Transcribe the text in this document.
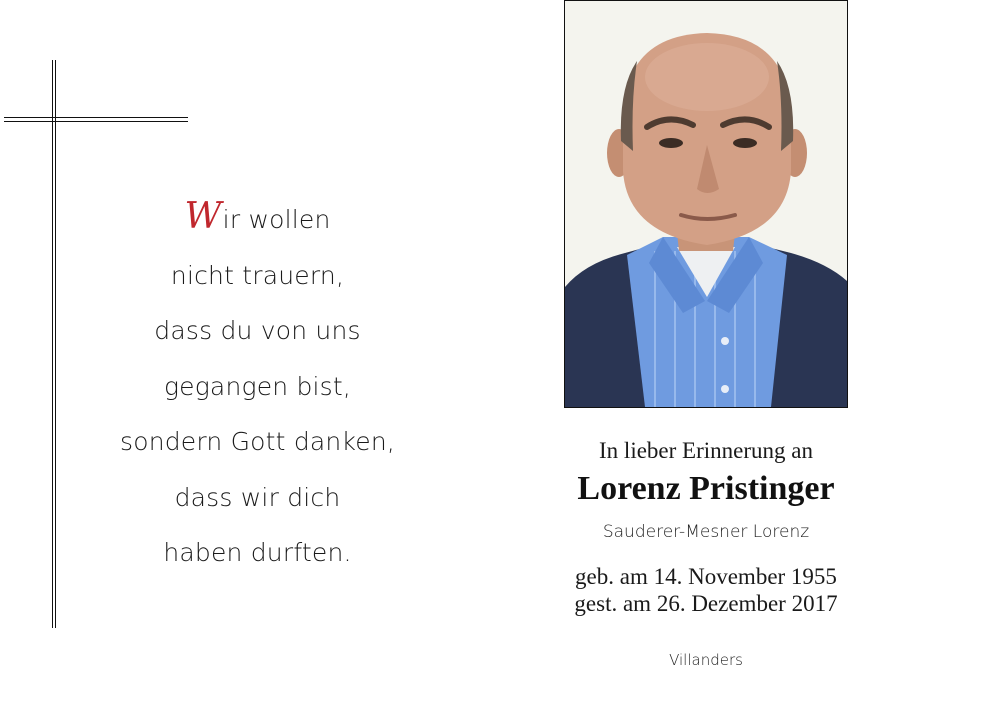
Wir wollen
nicht trauern,
dass du von uns
gegangen bist,
sondern Gott danken,
dass wir dich
haben durften.
In lieber Erinnerung an
Lorenz Pristinger
Sauderer-Mesner Lorenz
geb. am 14. November 1955
gest. am 26. Dezember 2017
Villanders
